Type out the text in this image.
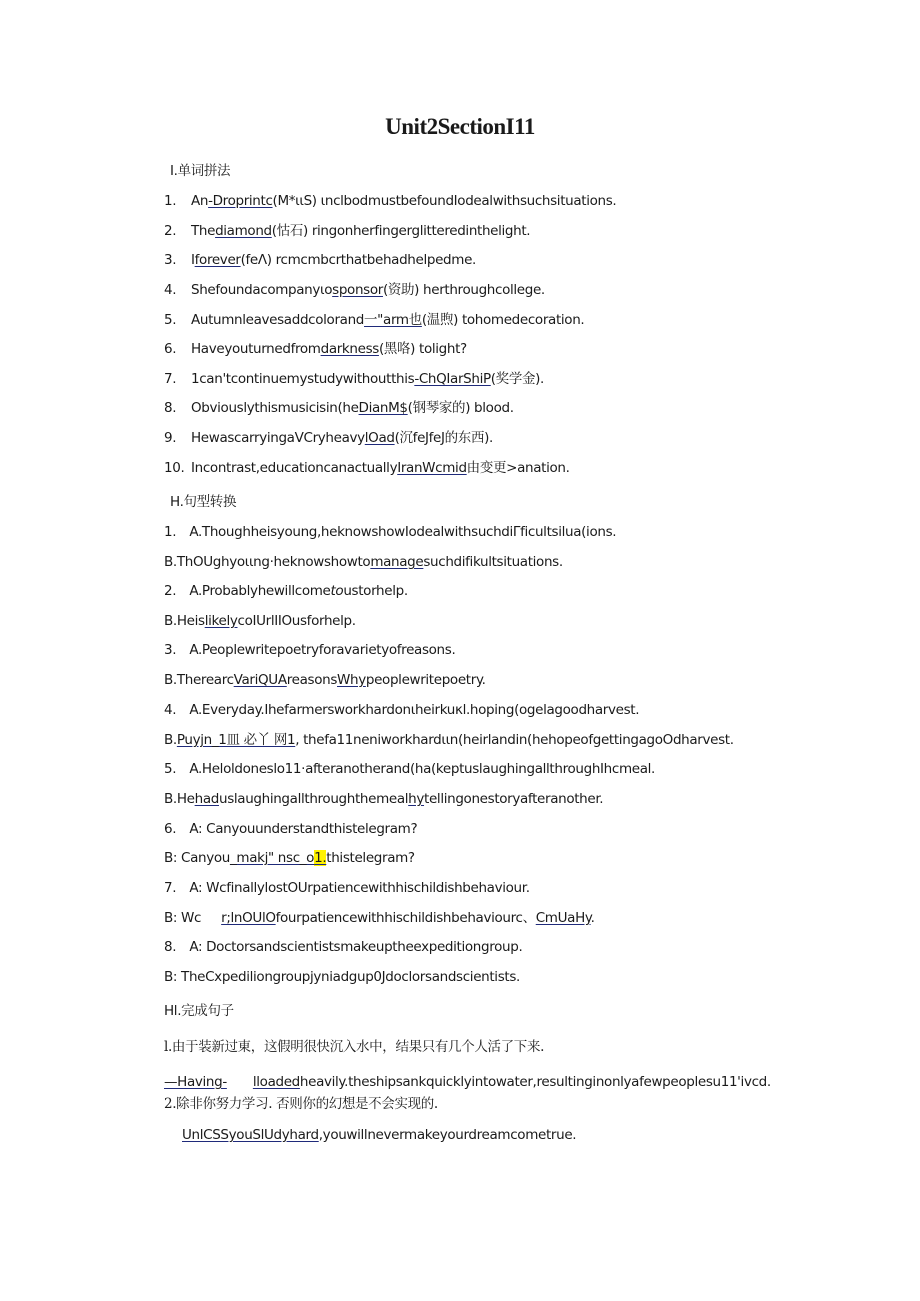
Unit2SectionI11
I.单词拼法
1. An-Droprintc(M*ιιS) ιnclbodmustbefoundIodealwithsuchsituations.
2. Thediamond(怙石) ringonherfingerglitteredinthelight.
3. Iforever(feΛ) rcmcmbcrthatbehadhelpedme.
4. Shefoundacompanyιosponsor(资助) herthroughcollege.
5. Autumnleavesaddcolorand一"arm也(温煦) tohomedecoration.
6. Haveyouturnedfromdarkness(黑咯) tolight?
7. 1can'tcontinuemystudywithoutthis-ChQIarShiP(奖学金).
8. Obviouslythismusicisin(heDianM$(钢琴家的) blood.
9. HewascarryingaVCryheavylOad(沉feJfeJ的东西).
10. Incontrast,educationcanactuallyIranWcmid由变更>anation.
H.句型转换
1.　A.Thoughheisyoung,heknowshowIodealwithsuchdiΓficultsilua(ions.
B.ThOUghyoιιng·heknowshowtomanagesuchdifikultsituations.
2.　A.Probablyhewillcometoustorhelp.
B.HeislikelycoIUrlIIOusforhelp.
3.　A.Peoplewritepoetryforavarietyofreasons.
B.TherearcVariQUAreasonsWhypeoplewritepoetry.
4.　A.Everyday.Ihefarmersworkhardonιheirkuκl.hoping(ogelagoodharvest.
B.Puyjn_1皿 必丫 网1, thefa11neniworkhardιιn(heirlandin(hehopeofgettingagoOdharvest.
5.　A.Heloldoneslo11·afteranotherand(ha(keptuslaughingallthroughIhcmeal.
B.Hehaduslaughingallthroughthemealhytellingonestoryafteranother.
6.　A: Canyouunderstandthistelegram?
B: Canyou_makj" nsc_o1.thistelegram?
7.　A: WcfinallylostOUrpatiencewithhischildishbehaviour.
B: Wc r;lnOUlOfourpatiencewithhischildishbehaviourc、CmUaHy.
8.　A: Doctorsandscientistsmakeuptheexpeditiongroup.
B: TheCxpediliongroupjyniadgup0Jdoclorsandscientists.
Hl.完成句子
l.由于装新过東，这假明很快沉入水中，结果只有几个人活了下来.
—Having- lloadedheavily.theshipsankquicklyintowater,resultinginonlyafewpeoplesu11'ivcd.
2.除非你努力学习. 否则你的幻想是不会实现的.
UnlCSSyouSlUdyhard,youwillnevermakeyourdreamcometrue.
